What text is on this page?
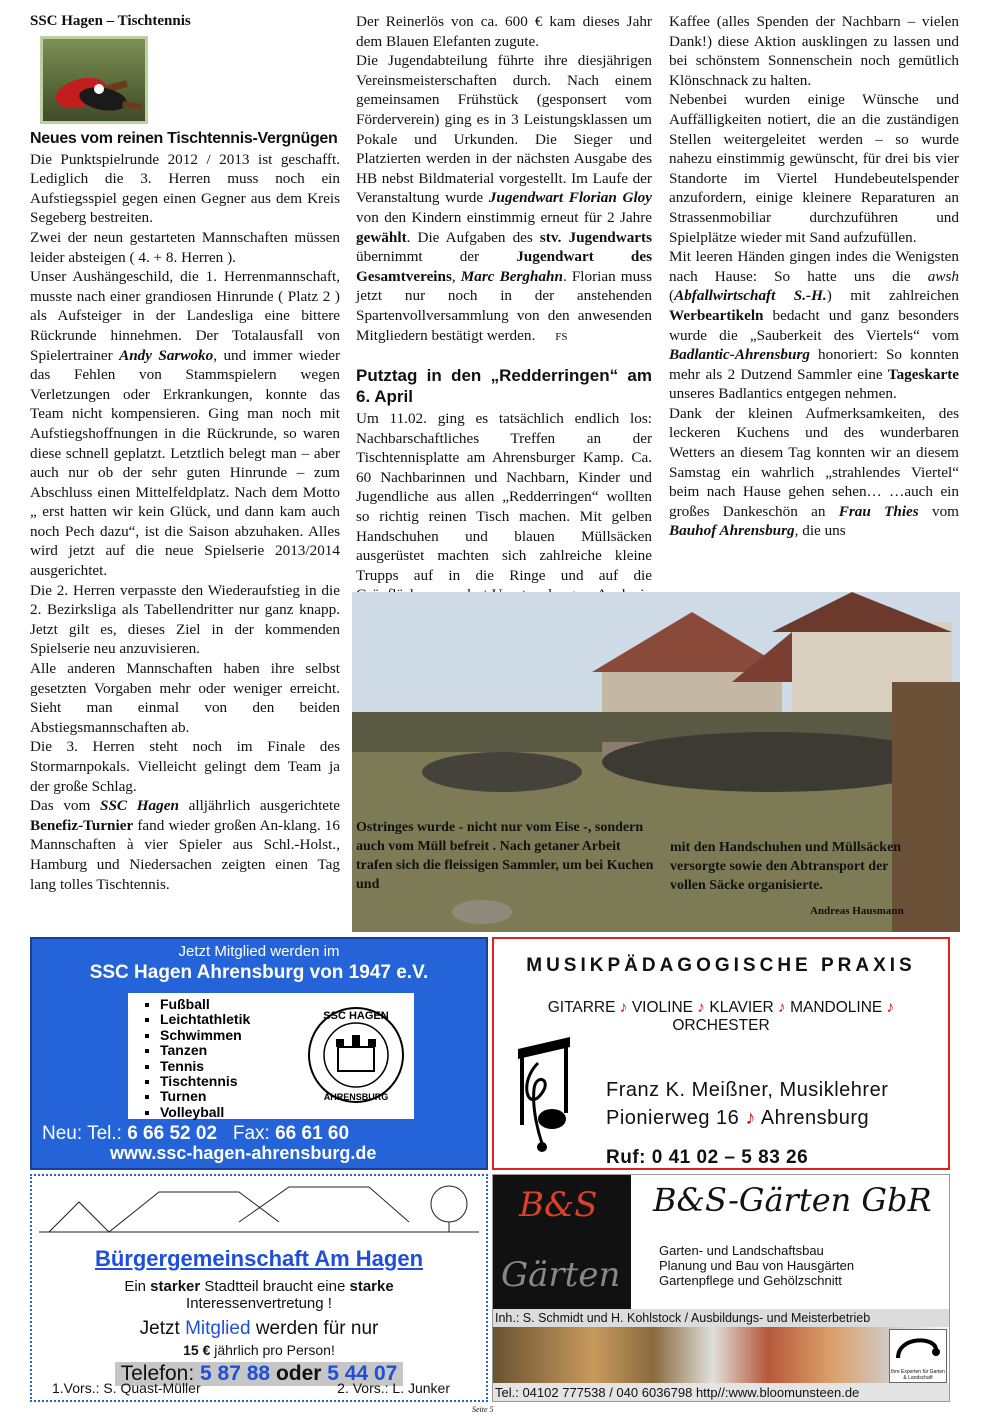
SSC Hagen – Tischtennis
Neues vom reinen Tischtennis-Vergnügen

Die Punktspielrunde 2012 / 2013 ist geschafft. Lediglich die 3. Herren muss noch ein Aufstiegsspiel gegen einen Gegner aus dem Kreis Segeberg bestreiten.

Zwei der neun gestarteten Mannschaften müssen leider absteigen ( 4. + 8. Herren ).

Unser Aushängeschild, die 1. Herrenmannschaft, musste nach einer grandiosen Hinrunde ( Platz 2 ) als Aufsteiger in der Landesliga eine bittere Rückrunde hinnehmen. Der Totalausfall von Spielertrainer Andy Sarwoko, und immer wieder das Fehlen von Stammspielern wegen Verletzungen oder Erkrankungen, konnte das Team nicht kompensieren. Ging man noch mit Aufstiegshoffnungen in die Rückrunde, so waren diese schnell geplatzt. Letztlich belegt man – aber auch nur ob der sehr guten Hinrunde – zum Abschluss einen Mittelfeldplatz. Nach dem Motto „ erst hatten wir kein Glück, und dann kam auch noch Pech dazu“, ist die Saison abzuhaken. Alles wird jetzt auf die neue Spielserie 2013/2014 ausgerichtet.

Die 2. Herren verpasste den Wiederaufstieg in die 2. Bezirksliga als Tabellendritter nur ganz knapp. Jetzt gilt es, dieses Ziel in der kommenden Spielserie neu anzuvisieren.

Alle anderen Mannschaften haben ihre selbst gesetzten Vorgaben mehr oder weniger erreicht. Sieht man einmal von den beiden Abstiegsmannschaften ab.

Die 3. Herren steht noch im Finale des Stormarnpokals. Vielleicht gelingt dem Team ja der große Schlag.

Das vom SSC Hagen alljährlich ausgerichtete Benefiz-Turnier fand wieder großen An-klang. 16 Mannschaften à vier Spieler aus Schl.-Holst., Hamburg und Niedersachen zeigten einen Tag lang tolles Tischtennis.

Der Reinerlös von ca. 600 € kam dieses Jahr dem Blauen Elefanten zugute.

Die Jugendabteilung führte ihre diesjährigen Vereinsmeisterschaften durch. Nach einem gemeinsamen Frühstück (gesponsert vom Förderverein) ging es in 3 Leistungsklassen um Pokale und Urkunden. Die Sieger und Platzierten werden in der nächsten Ausgabe des HB nebst Bildmaterial vorgestellt. Im Laufe der Veranstaltung wurde Jugendwart Florian Gloy von den Kindern einstimmig erneut für 2 Jahre gewählt. Die Aufgaben des stv. Jugendwarts übernimmt der Jugendwart des Gesamtvereins, Marc Berghahn. Florian muss jetzt nur noch in der anstehenden Spartenvollversammlung von den anwesenden Mitgliedern bestätigt werden. FS

Putztag in den „Redderringen“ am 6. April

Um 11.02. ging es tatsächlich endlich los: Nachbarschaftliches Treffen an der Tischtennisplatte am Ahrensburger Kamp. Ca. 60 Nachbarinnen und Nachbarn, Kinder und Jugendliche aus allen „Redderringen“ wollten so richtig reinen Tisch machen. Mit gelben Handschuhen und blauen Müllsäcken ausgerüstet machten sich zahlreiche kleine Trupps auf in die Ringe und auf die

Kaffee (alles Spenden der Nachbarn – vielen Dank!) diese Aktion ausklingen zu lassen und bei schönstem Sonnenschein noch gemütlich Klönschnack zu halten.

Nebenbei wurden einige Wünsche und Auffälligkeiten notiert, die an die zuständigen Stellen weitergeleitet werden – so wurde nahezu einstimmig gewünscht, für drei bis vier Standorte im Viertel Hundebeutelspender anzufordern, einige kleinere Reparaturen an Strassenmobiliar durchzuführen und Spielplätze wieder mit Sand aufzufüllen.

Mit leeren Händen gingen indes die Wenigsten nach Hause: So hatte uns die awsh (Abfallwirtschaft S.-H.) mit zahlreichen Werbeartikeln bedacht und ganz besonders wurde die „Sauberkeit des Viertels“ vom Badlantic-Ahrensburg honoriert: So konnten mehr als 2 Dutzend Sammler eine Tageskarte unseres Badlantics entgegen nehmen.

Dank der kleinen Aufmerksamkeiten, des leckeren Kuchens und des wunderbaren Wetters an diesem Tag konnten wir an diesem Samstag ein wahrlich „strahlendes Viertel“ beim nach Hause gehen sehen… …auch ein großes Dankeschön an Frau Thies vom Bauhof Ahrensburg, die uns

Ostringes wurde - nicht nur vom Eise -, sondern auch vom Müll befreit . Nach getaner Arbeit trafen sich die fleissigen Sammler, um bei Kuchen und
mit den Handschuhen und Müllsäcken versorgte sowie den Abtransport der vollen Säcke organisierte.
Andreas Hausmann
Jetzt Mitglied werden im
SSC Hagen Ahrensburg von 1947 e.V.
▪ Fußball
▪ Leichtathletik
▪ Schwimmen
▪ Tanzen
▪ Tennis
▪ Tischtennis
▪ Turnen
▪ Volleyball
SSC HAGEN
AHRENSBURG
Neu: Tel.: 6 66 52 02 Fax: 66 61 60
www.ssc-hagen-ahrensburg.de
MUSIKPÄDAGOGISCHE PRAXIS
GITARRE ♪ VIOLINE ♪ KLAVIER ♪ MANDOLINE ♪
ORCHESTER
Franz K. Meißner, Musiklehrer
Pionierweg 16 ♪ Ahrensburg
Ruf: 0 41 02 – 5 83 26
Bürgergemeinschaft Am Hagen
Ein starker Stadtteil braucht eine starke
Interessenvertretung !
Jetzt Mitglied werden für nur
15 € jährlich pro Person!
Telefon: 5 87 88 oder 5 44 07
1.Vors.: S. Quast-Müller	2. Vors.: L. Junker
B&S
Gärten
B&S-Gärten GbR
Garten- und Landschaftsbau
Planung und Bau von Hausgärten
Gartenpflege und Gehölzschnitt
Inh.: S. Schmidt und H. Kohlstock / Ausbildungs- und Meisterbetrieb
Ihre Experten für Garten & Landschaft
Tel.: 04102 777538 / 040 6036798 http//:www.bloomunsteen.de
Seite 5
